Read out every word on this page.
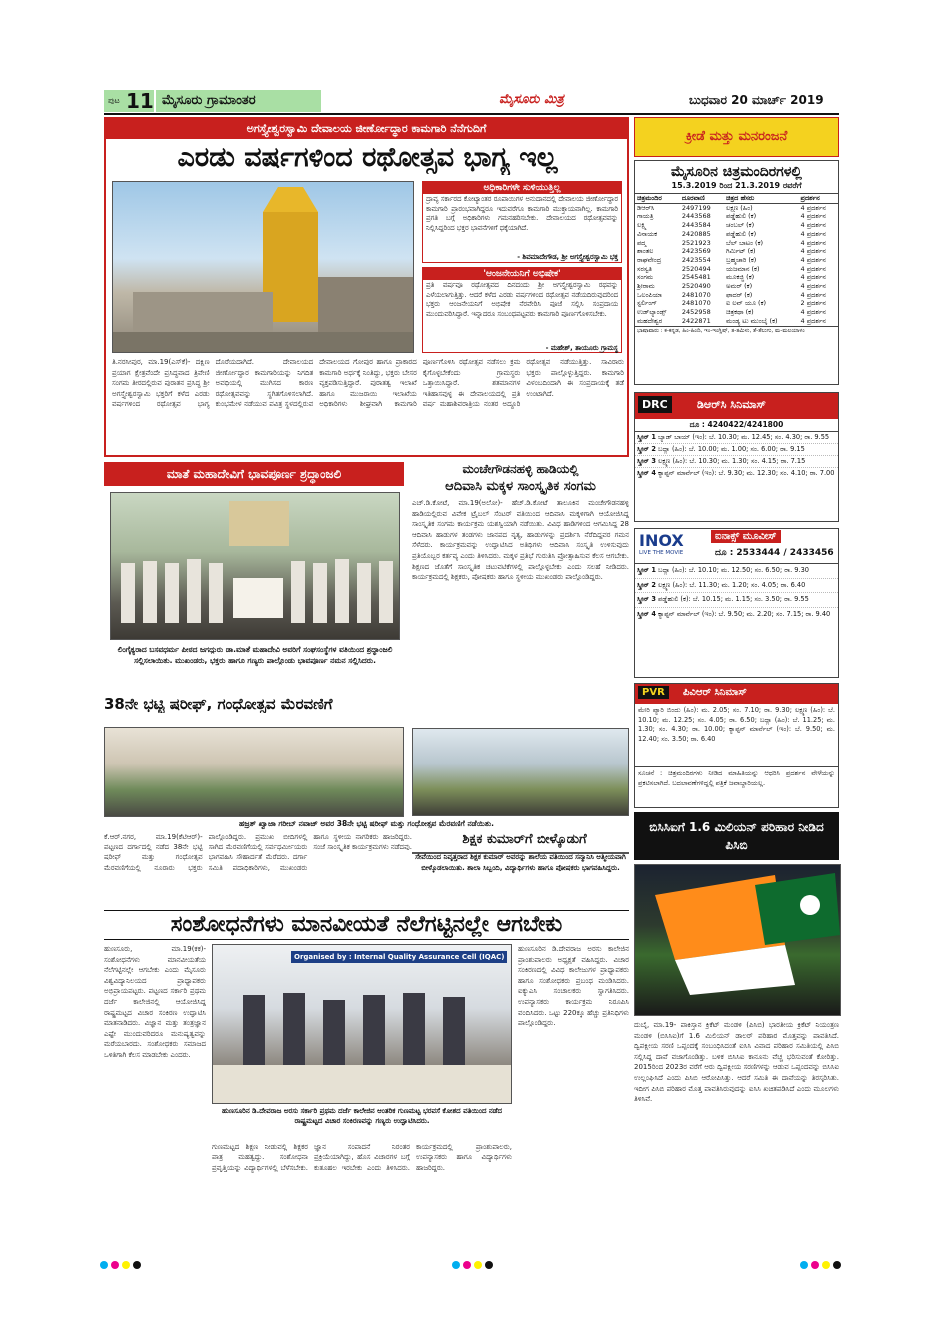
ಪುಟ 11 ಮೈಸೂರು ಗ್ರಾಮಾಂತರ	ಮೈಸೂರು ಮಿತ್ರ	ಬುಧವಾರ 20 ಮಾರ್ಚ್ 2019
ಅಗಸ್ತ್ಯೇಶ್ವರಸ್ವಾಮಿ ದೇವಾಲಯ ಜೀರ್ಣೋದ್ಧಾರ ಕಾಮಗಾರಿ ನೆನೆಗುದಿಗೆ
ಎರಡು ವರ್ಷಗಳಿಂದ ರಥೋತ್ಸವ ಭಾಗ್ಯ ಇಲ್ಲ
ಅಧಿಕಾರಿಗಳೇ ಸುಳಿಯುತ್ತಿಲ್ಲ
ದ್ರಾವ್ಯ ಸರ್ಕಾರದ ಕೋಟ್ಯಾಂತರ ರೂಪಾಯಿಗಳ ಅನುದಾನದಲ್ಲಿ ದೇವಾಲಯ ಜೀರ್ಣೋದ್ಧಾರ ಕಾಮಗಾರಿ ಪ್ರಾರಂಭವಾಗಿದ್ದರೂ ಇದುವರೆಗೂ ಕಾಮಗಾರಿ ಮುಕ್ತಾಯವಾಗಿಲ್ಲ. ಕಾಮಗಾರಿ ಪ್ರಗತಿ ಬಗ್ಗೆ ಅಧಿಕಾರಿಗಳು ಗಮನಹರಿಸಬೇಕು. ದೇವಾಲಯದ ರಥೋತ್ಸವವನ್ನು ನಿಲ್ಲಿಸಿದ್ದರಿಂದ ಭಕ್ತರ ಭಾವನೆಗಳಿಗೆ ಧಕ್ಕೆಯಾಗಿದೆ.
- ಶಿವಮಾದೇಗೌಡ, ಶ್ರೀ ಅಗಸ್ತ್ಯೇಶ್ವರಸ್ವಾಮಿ ಭಕ್ತ
'ಆಂಜನೇಯನಿಗೆ ಅಭಿಷೇಕ'
ಪ್ರತಿ ವರ್ಷವೂ ರಥೋತ್ಸವದ ದಿನದಂದು ಶ್ರೀ ಅಗಸ್ತ್ಯೇಶ್ವರಸ್ವಾಮಿ ರಥವನ್ನು ಎಳೆಯಲಾಗುತ್ತಿತ್ತು. ಆದರೆ ಕಳೆದ ಎರಡು ವರ್ಷಗಳಿಂದ ರಥೋತ್ಸವ ನಡೆಯದಿರುವುದರಿಂದ ಭಕ್ತರು ಆಂಜನೇಯನಿಗೆ ಅಭಿಷೇಕ ನೆರವೇರಿಸಿ ಪೂಜೆ ಸಲ್ಲಿಸಿ ಸಂಪ್ರದಾಯ ಮುಂದುವರಿಸಿದ್ದಾರೆ. ಇನ್ನಾದರೂ ಸಂಬಂಧಪಟ್ಟವರು ಕಾಮಗಾರಿ ಪೂರ್ಣಗೊಳಿಸಬೇಕು.
- ಮಹೇಶ್, ತಾಯೂರು ಗ್ರಾಮಸ್ಥ
ತಿ.ನರಸೀಪುರ, ಮಾ.19(ಎಸ್‌ಕೆ)- ದಕ್ಷಿಣ ಪ್ರಯಾಗ ಕ್ಷೇತ್ರವೆಂದೇ ಪ್ರಸಿದ್ಧವಾದ ತ್ರಿವೇಣಿ ಸಂಗಮ ತೀರದಲ್ಲಿರುವ ಪುರಾತನ ಪ್ರಸಿದ್ಧ ಶ್ರೀ ಅಗಸ್ತ್ಯೇಶ್ವರಸ್ವಾಮಿ ಭಕ್ತರಿಗೆ ಕಳೆದ ಎರಡು ವರ್ಷಗಳಿಂದ ರಥೋತ್ಸವ ಭಾಗ್ಯ ದೊರೆಯದಾಗಿದೆ. ದೇವಾಲಯದ ಜೀರ್ಣೋದ್ಧಾರ ಕಾಮಗಾರಿಯನ್ನು ನಿಗದಿತ ಅವಧಿಯಲ್ಲಿ ಮುಗಿಸದ ಕಾರಣ ರಥೋತ್ಸವವನ್ನು ಸ್ಥಗಿತಗೊಳಿಸಲಾಗಿದೆ. ಕುಂಭಮೇಳ ನಡೆಯುವ ಪವಿತ್ರ ಸ್ಥಳದಲ್ಲಿರುವ ದೇವಾಲಯದ ಗೋಪುರ ಹಾಗೂ ಪ್ರಾಕಾರದ ಕಾಮಗಾರಿ ಅರ್ಧಕ್ಕೆ ನಿಂತಿದ್ದು, ಭಕ್ತರು ಬೇಸರ ವ್ಯಕ್ತಪಡಿಸುತ್ತಿದ್ದಾರೆ. ಪುರಾತತ್ವ ಇಲಾಖೆ ಹಾಗೂ ಮುಜರಾಯಿ ಇಲಾಖೆಯ ಅಧಿಕಾರಿಗಳು ಶೀಘ್ರವಾಗಿ ಕಾಮಗಾರಿ ಪೂರ್ಣಗೊಳಿಸಿ ರಥೋತ್ಸವ ನಡೆಸಲು ಕ್ರಮ ಕೈಗೊಳ್ಳಬೇಕೆಂದು ಗ್ರಾಮಸ್ಥರು ಒತ್ತಾಯಿಸಿದ್ದಾರೆ. ಶತಮಾನಗಳ ಇತಿಹಾಸವುಳ್ಳ ಈ ದೇವಾಲಯದಲ್ಲಿ ಪ್ರತಿ ವರ್ಷ ಮಹಾಶಿವರಾತ್ರಿಯ ನಂತರ ಅದ್ಧೂರಿ ರಥೋತ್ಸವ ನಡೆಯುತ್ತಿತ್ತು. ಸಾವಿರಾರು ಭಕ್ತರು ಪಾಲ್ಗೊಳ್ಳುತ್ತಿದ್ದರು. ಕಾಮಗಾರಿ ವಿಳಂಬದಿಂದಾಗಿ ಈ ಸಂಪ್ರದಾಯಕ್ಕೆ ತಡೆ ಉಂಟಾಗಿದೆ.
ಕ್ರೀಡೆ ಮತ್ತು ಮನರಂಜನೆ
ಮೈಸೂರಿನ ಚಿತ್ರಮಂದಿರಗಳಲ್ಲಿ
15.3.2019 ರಿಂದ 21.3.2019 ರವರೆಗೆ
ಚಿತ್ರಮಂದಿರ	ದೂರವಾಣಿ	ಚಿತ್ರದ ಹೆಸರು	ಪ್ರದರ್ಶನ
ಡಿಆರ್‌ಸಿ	2497199	ಲಕ್ಷ್ಮಣ (ಹಿಂ)	4 ಪ್ರದರ್ಶನ
ಗಾಯತ್ರಿ	2443568	ಪಡ್ಡೆಹುಲಿ (ಕ)	4 ಪ್ರದರ್ಶನ
ಲಕ್ಷ್ಮಿ	2443584	ಚಂಬಲ್ (ಕ)	4 ಪ್ರದರ್ಶನ
ವಿನಾಯಕ	2420885	ಪಡ್ಡೆಹುಲಿ (ಕ)	4 ಪ್ರದರ್ಶನ
ಪದ್ಮ	2521923	ಬೆಲ್ ಬಾಟಂ (ಕ)	4 ಪ್ರದರ್ಶನ
ಶಾಂತಲ	2423569	ಗಿರ್ಮಿಟ್ (ಕ)	4 ಪ್ರದರ್ಶನ
ರಾಘವೇಂದ್ರ	2423554	ಬ್ರಹ್ಮಚಾರಿ (ಕ)	4 ಪ್ರದರ್ಶನ
ಸರಸ್ವತಿ	2520494	ಯಜಮಾನ (ಕ)	4 ಪ್ರದರ್ಶನ
ಸಂಗಮ	2545481	ಮೂಕಜ್ಜಿ (ಕ)	4 ಪ್ರದರ್ಶನ
ಶ್ರೀರಾಮ	2520490	ಅಮರ್ (ಕ)	4 ಪ್ರದರ್ಶನ
ಒಲಂಪಿಯಾ	2481070	ಫಾದರ್ (ಕ)	4 ಪ್ರದರ್ಶನ
ಸ್ಟರ್ಲಿಂಗ್	2481070	ಐ ಲವ್ ಯೂ (ಕ)	2 ಪ್ರದರ್ಶನ
ಉಡ್‌ಲ್ಯಾಂಡ್ಸ್	2452958	ಚಿತ್ರಕಥಾ (ಕ)	4 ಪ್ರದರ್ಶನ
ಮಹದೇಶ್ವರ	2422871	ಮಂಡ್ಯ ಟು ಮುಂಬೈ (ಕ)	4 ಪ್ರದರ್ಶನ
ಭಾಷಾವಾರು : ಕ-ಕನ್ನಡ, ಹಿಂ-ಹಿಂದಿ, ಇಂ-ಇಂಗ್ಲಿಷ್, ತ-ತಮಿಳು, ತೆ-ತೆಲುಗು, ಮ-ಮಲಯಾಳಂ
DRC	ಡಿಆರ್‌ಸಿ ಸಿನಿಮಾಸ್
ದೂ : 4240422/4241800
ಸ್ಕ್ರೀನ್ 1 ಬ್ಯಾಡ್ ಬಾಯ್ (ಇಂ): ಬೆ. 10.30; ಮ. 12.45; ಸಂ. 4.30; ರಾ. 9.55
ಸ್ಕ್ರೀನ್ 2 ಬದ್ಲಾ (ಹಿಂ): ಬೆ. 10.00; ಮ. 1.00; ಸಂ. 6.00; ರಾ. 9.15
ಸ್ಕ್ರೀನ್ 3 ಲಕ್ಷ್ಮಣ (ಹಿಂ): ಬೆ. 10.30; ಮ. 1.30; ಸಂ. 4.15; ರಾ. 7.15
ಸ್ಕ್ರೀನ್ 4 ಕ್ಯಾಪ್ಟನ್ ಮಾರ್ವೆಲ್ (ಇಂ): ಬೆ. 9.30; ಮ. 12.30; ಸಂ. 4.10; ರಾ. 7.00
INOX
LIVE THE MOVIE
ಐನಾಕ್ಸ್ ಮೂವೀಸ್
ದೂ : 2533444 / 2433456
ಸ್ಕ್ರೀನ್ 1 ಬದ್ಲಾ (ಹಿಂ): ಬೆ. 10.10; ಮ. 12.50; ಸಂ. 6.50; ರಾ. 9.30
ಸ್ಕ್ರೀನ್ 2 ಲಕ್ಷ್ಮಣ (ಹಿಂ): ಬೆ. 11.30; ಮ. 1.20; ಸಂ. 4.05; ರಾ. 6.40
ಸ್ಕ್ರೀನ್ 3 ಪಡ್ಡೆಹುಲಿ (ಕ): ಬೆ. 10.15; ಮ. 1.15; ಸಂ. 3.50; ರಾ. 9.55
ಸ್ಕ್ರೀನ್ 4 ಕ್ಯಾಪ್ಟನ್ ಮಾರ್ವೆಲ್ (ಇಂ): ಬೆ. 9.50; ಮ. 2.20; ಸಂ. 7.15; ರಾ. 9.40
PVR	ಪಿವಿಆರ್ ಸಿನಿಮಾಸ್
ಮೇರಿ ಪ್ಯಾರಿ ಬಿಂದು (ಹಿಂ): ಮ. 2.05; ಸಂ. 7.10; ರಾ. 9.30; ಲಕ್ಷ್ಮಣ (ಹಿಂ): ಬೆ. 10.10; ಮ. 12.25; ಸಂ. 4.05; ರಾ. 6.50; ಬದ್ಲಾ (ಹಿಂ): ಬೆ. 11.25; ಮ. 1.30; ಸಂ. 4.30; ರಾ. 10.00; ಕ್ಯಾಪ್ಟನ್ ಮಾರ್ವೆಲ್ (ಇಂ): ಬೆ. 9.50; ಮ. 12.40; ಸಂ. 3.50; ರಾ. 6.40
ಸೂಚನೆ : ಚಿತ್ರಮಂದಿರಗಳು ನೀಡಿದ ಮಾಹಿತಿಯನ್ನು ಆಧರಿಸಿ ಪ್ರದರ್ಶನ ವೇಳೆಯನ್ನು ಪ್ರಕಟಿಸಲಾಗಿದೆ. ಬದಲಾವಣೆಗಳಿದ್ದಲ್ಲಿ ಪತ್ರಿಕೆ ಜವಾಬ್ದಾರಿಯಲ್ಲ.
ಮಾತೆ ಮಹಾದೇವಿಗೆ ಭಾವಪೂರ್ಣ ಶ್ರದ್ಧಾಂಜಲಿ
ಲಿಂಗೈಕ್ಯರಾದ ಬಸವಧರ್ಮ ಪೀಠದ ಜಗದ್ಗುರು ಡಾ.ಮಾತೆ ಮಹಾದೇವಿ ಅವರಿಗೆ ಸಂಘಸಂಸ್ಥೆಗಳ ವತಿಯಿಂದ ಶ್ರದ್ಧಾಂಜಲಿ ಸಲ್ಲಿಸಲಾಯಿತು. ಮುಖಂಡರು, ಭಕ್ತರು ಹಾಗೂ ಗಣ್ಯರು ಪಾಲ್ಗೊಂಡು ಭಾವಪೂರ್ಣ ನಮನ ಸಲ್ಲಿಸಿದರು.
ಮಂಚೇಗೌಡನಹಳ್ಳಿ ಹಾಡಿಯಲ್ಲಿ
ಆದಿವಾಸಿ ಮಕ್ಕಳ ಸಾಂಸ್ಕೃತಿಕ ಸಂಗಮ
ಎಚ್.ಡಿ.ಕೋಟೆ, ಮಾ.19(ಅಲೋ)- ಹೆಚ್.ಡಿ.ಕೋಟೆ ತಾಲೂಕಿನ ಮಂಚೇಗೌಡನಹಳ್ಳಿ ಹಾಡಿಯಲ್ಲಿರುವ ವಿವೇಕ ಟ್ರೈಬಲ್ ಸೆಂಟರ್ ವತಿಯಿಂದ ಆದಿವಾಸಿ ಮಕ್ಕಳಿಗಾಗಿ ಆಯೋಜಿಸಿದ್ದ ಸಾಂಸ್ಕೃತಿಕ ಸಂಗಮ ಕಾರ್ಯಕ್ರಮ ಯಶಸ್ವಿಯಾಗಿ ನಡೆಯಿತು. ವಿವಿಧ ಹಾಡಿಗಳಿಂದ ಆಗಮಿಸಿದ್ದ 28 ಆದಿವಾಸಿ ಹಾಡುಗಳ ತಂಡಗಳು ಜಾನಪದ ನೃತ್ಯ, ಹಾಡುಗಳನ್ನು ಪ್ರದರ್ಶಿಸಿ ನೆರೆದಿದ್ದವರ ಗಮನ ಸೆಳೆದರು. ಕಾರ್ಯಕ್ರಮವನ್ನು ಉದ್ಘಾಟಿಸಿದ ಅತಿಥಿಗಳು ಆದಿವಾಸಿ ಸಂಸ್ಕೃತಿ ಉಳಿಸುವುದು ಪ್ರತಿಯೊಬ್ಬರ ಕರ್ತವ್ಯ ಎಂದು ತಿಳಿಸಿದರು. ಮಕ್ಕಳ ಪ್ರತಿಭೆ ಗುರುತಿಸಿ ಪ್ರೋತ್ಸಾಹಿಸುವ ಕೆಲಸ ಆಗಬೇಕು. ಶಿಕ್ಷಣದ ಜೊತೆಗೆ ಸಾಂಸ್ಕೃತಿಕ ಚಟುವಟಿಕೆಗಳಲ್ಲಿ ಪಾಲ್ಗೊಳ್ಳಬೇಕು ಎಂದು ಸಲಹೆ ನೀಡಿದರು. ಕಾರ್ಯಕ್ರಮದಲ್ಲಿ ಶಿಕ್ಷಕರು, ಪೋಷಕರು ಹಾಗೂ ಸ್ಥಳೀಯ ಮುಖಂಡರು ಪಾಲ್ಗೊಂಡಿದ್ದರು.
38ನೇ ಭಟ್ಟಿ ಷರೀಫ್, ಗಂಧೋತ್ಸವ ಮೆರವಣಿಗೆ
ಹಜ್ರತ್ ಖ್ವಾಜಾ ಗರೀಬ್ ನವಾಜ್ ಅವರ 38ನೇ ಭಟ್ಟಿ ಷರೀಫ್ ಮತ್ತು ಗಂಧೋತ್ಸವ ಮೆರವಣಿಗೆ ನಡೆಯಿತು.
ಕೆ.ಆರ್.ನಗರ, ಮಾ.19(ಕೆಟಿಆರ್)- ಪಟ್ಟಣದ ದರ್ಗಾದಲ್ಲಿ ನಡೆದ 38ನೇ ಭಟ್ಟಿ ಷರೀಫ್ ಮತ್ತು ಗಂಧೋತ್ಸವ ಮೆರವಣಿಗೆಯಲ್ಲಿ ನೂರಾರು ಭಕ್ತರು ಪಾಲ್ಗೊಂಡಿದ್ದರು. ಪ್ರಮುಖ ಬೀದಿಗಳಲ್ಲಿ ಸಾಗಿದ ಮೆರವಣಿಗೆಯಲ್ಲಿ ಸರ್ವಧರ್ಮೀಯರು ಭಾಗವಹಿಸಿ ಸೌಹಾರ್ದತೆ ಮೆರೆದರು. ದರ್ಗಾ ಸಮಿತಿ ಪದಾಧಿಕಾರಿಗಳು, ಮುಖಂಡರು ಹಾಗೂ ಸ್ಥಳೀಯ ನಾಗರಿಕರು ಹಾಜರಿದ್ದರು. ಸಂಜೆ ಸಾಂಸ್ಕೃತಿಕ ಕಾರ್ಯಕ್ರಮಗಳು ನಡೆದವು.
ಶಿಕ್ಷಕ ಕುಮಾರ್‌ಗೆ ಬೀಳ್ಕೊಡುಗೆ
ಸೇವೆಯಿಂದ ನಿವೃತ್ತರಾದ ಶಿಕ್ಷಕ ಕುಮಾರ್ ಅವರನ್ನು ಶಾಲೆಯ ವತಿಯಿಂದ ಸನ್ಮಾನಿಸಿ ಆತ್ಮೀಯವಾಗಿ ಬೀಳ್ಕೊಡಲಾಯಿತು. ಶಾಲಾ ಸಿಬ್ಬಂದಿ, ವಿದ್ಯಾರ್ಥಿಗಳು ಹಾಗೂ ಪೋಷಕರು ಭಾಗವಹಿಸಿದ್ದರು.
ಬಿಸಿಸಿಐಗೆ 1.6 ಮಿಲಿಯನ್ ಪರಿಹಾರ ನೀಡಿದ ಪಿಸಿಬಿ
ದುಬೈ, ಮಾ.19- ಪಾಕಿಸ್ತಾನ ಕ್ರಿಕೆಟ್ ಮಂಡಳಿ (ಪಿಸಿಬಿ) ಭಾರತೀಯ ಕ್ರಿಕೆಟ್ ನಿಯಂತ್ರಣ ಮಂಡಳಿ (ಬಿಸಿಸಿಐ)ಗೆ 1.6 ಮಿಲಿಯನ್ ಡಾಲರ್ ಪರಿಹಾರ ಮೊತ್ತವನ್ನು ಪಾವತಿಸಿದೆ. ದ್ವಿಪಕ್ಷೀಯ ಸರಣಿ ಒಪ್ಪಂದಕ್ಕೆ ಸಂಬಂಧಿಸಿದಂತೆ ಐಸಿಸಿ ವಿವಾದ ಪರಿಹಾರ ಸಮಿತಿಯಲ್ಲಿ ಪಿಸಿಬಿ ಸಲ್ಲಿಸಿದ್ದ ದಾವೆ ವಜಾಗೊಂಡಿತ್ತು. ಬಳಿಕ ಬಿಸಿಸಿಐ ಕಾನೂನು ವೆಚ್ಚ ಭರಿಸುವಂತೆ ಕೋರಿತ್ತು. 2015ರಿಂದ 2023ರ ವರೆಗೆ ಆರು ದ್ವಿಪಕ್ಷೀಯ ಸರಣಿಗಳನ್ನು ಆಡುವ ಒಪ್ಪಂದವನ್ನು ಬಿಸಿಸಿಐ ಉಲ್ಲಂಘಿಸಿದೆ ಎಂದು ಪಿಸಿಬಿ ಆರೋಪಿಸಿತ್ತು. ಆದರೆ ಸಮಿತಿ ಈ ದಾವೆಯನ್ನು ತಿರಸ್ಕರಿಸಿತು. ಇದೀಗ ಪಿಸಿಬಿ ಪರಿಹಾರ ಮೊತ್ತ ಪಾವತಿಸಿರುವುದನ್ನು ಐಸಿಸಿ ಖಚಿತಪಡಿಸಿದೆ ಎಂದು ಮೂಲಗಳು ತಿಳಿಸಿವೆ.
ಸಂಶೋಧನೆಗಳು ಮಾನವೀಯತೆ ನೆಲೆಗಟ್ಟಿನಲ್ಲೇ ಆಗಬೇಕು
ಹುಣಸೂರು, ಮಾ.19(ಕಕ)- ಸಂಶೋಧನೆಗಳು ಮಾನವೀಯತೆಯ ನೆಲೆಗಟ್ಟಿನಲ್ಲೇ ಆಗಬೇಕು ಎಂದು ಮೈಸೂರು ವಿಶ್ವವಿದ್ಯಾನಿಲಯದ ಪ್ರಾಧ್ಯಾಪಕರು ಅಭಿಪ್ರಾಯಪಟ್ಟರು. ಪಟ್ಟಣದ ಸರ್ಕಾರಿ ಪ್ರಥಮ ದರ್ಜೆ ಕಾಲೇಜಿನಲ್ಲಿ ಆಯೋಜಿಸಿದ್ದ ರಾಷ್ಟ್ರಮಟ್ಟದ ವಿಚಾರ ಸಂಕಿರಣ ಉದ್ಘಾಟಿಸಿ ಮಾತನಾಡಿದರು. ವಿಜ್ಞಾನ ಮತ್ತು ತಂತ್ರಜ್ಞಾನ ಎಷ್ಟೇ ಮುಂದುವರಿದರೂ ಮನುಷ್ಯತ್ವವನ್ನು ಮರೆಯಬಾರದು. ಸಂಶೋಧಕರು ಸಮಾಜದ ಒಳಿತಿಗಾಗಿ ಕೆಲಸ ಮಾಡಬೇಕು ಎಂದರು.
Organised by : Internal Quality Assurance Cell (IQAC)
ಹುಣಸೂರಿನ ಡಿ.ದೇವರಾಜ ಅರಸು ಸರ್ಕಾರಿ ಪ್ರಥಮ ದರ್ಜೆ ಕಾಲೇಜಿನ ಆಂತರಿಕ ಗುಣಮಟ್ಟ ಭರವಸೆ ಕೋಶದ ವತಿಯಿಂದ ನಡೆದ ರಾಷ್ಟ್ರಮಟ್ಟದ ವಿಚಾರ ಸಂಕಿರಣವನ್ನು ಗಣ್ಯರು ಉದ್ಘಾಟಿಸಿದರು.
ಗುಣಮಟ್ಟದ ಶಿಕ್ಷಣ ನೀಡುವಲ್ಲಿ ಶಿಕ್ಷಕರ ಪಾತ್ರ ಮಹತ್ವದ್ದು. ಸಂಶೋಧನಾ ಪ್ರವೃತ್ತಿಯನ್ನು ವಿದ್ಯಾರ್ಥಿಗಳಲ್ಲಿ ಬೆಳೆಸಬೇಕು. ಜ್ಞಾನ ಸಂಪಾದನೆ ನಿರಂತರ ಪ್ರಕ್ರಿಯೆಯಾಗಿದ್ದು, ಹೊಸ ವಿಚಾರಗಳ ಬಗ್ಗೆ ಕುತೂಹಲ ಇರಬೇಕು ಎಂದು ತಿಳಿಸಿದರು. ಕಾರ್ಯಕ್ರಮದಲ್ಲಿ ಪ್ರಾಂಶುಪಾಲರು, ಉಪನ್ಯಾಸಕರು ಹಾಗೂ ವಿದ್ಯಾರ್ಥಿಗಳು ಹಾಜರಿದ್ದರು.
ಹುಣಸೂರಿನ ಡಿ.ದೇವರಾಜ ಅರಸು ಕಾಲೇಜಿನ ಪ್ರಾಂಶುಪಾಲರು ಅಧ್ಯಕ್ಷತೆ ವಹಿಸಿದ್ದರು. ವಿಚಾರ ಸಂಕಿರಣದಲ್ಲಿ ವಿವಿಧ ಕಾಲೇಜುಗಳ ಪ್ರಾಧ್ಯಾಪಕರು ಹಾಗೂ ಸಂಶೋಧಕರು ಪ್ರಬಂಧ ಮಂಡಿಸಿದರು. ಐಕ್ಯುಎಸಿ ಸಂಚಾಲಕರು ಸ್ವಾಗತಿಸಿದರು. ಉಪನ್ಯಾಸಕರು ಕಾರ್ಯಕ್ರಮ ನಿರೂಪಿಸಿ ವಂದಿಸಿದರು. ಒಟ್ಟು 220ಕ್ಕೂ ಹೆಚ್ಚು ಪ್ರತಿನಿಧಿಗಳು ಪಾಲ್ಗೊಂಡಿದ್ದರು.
